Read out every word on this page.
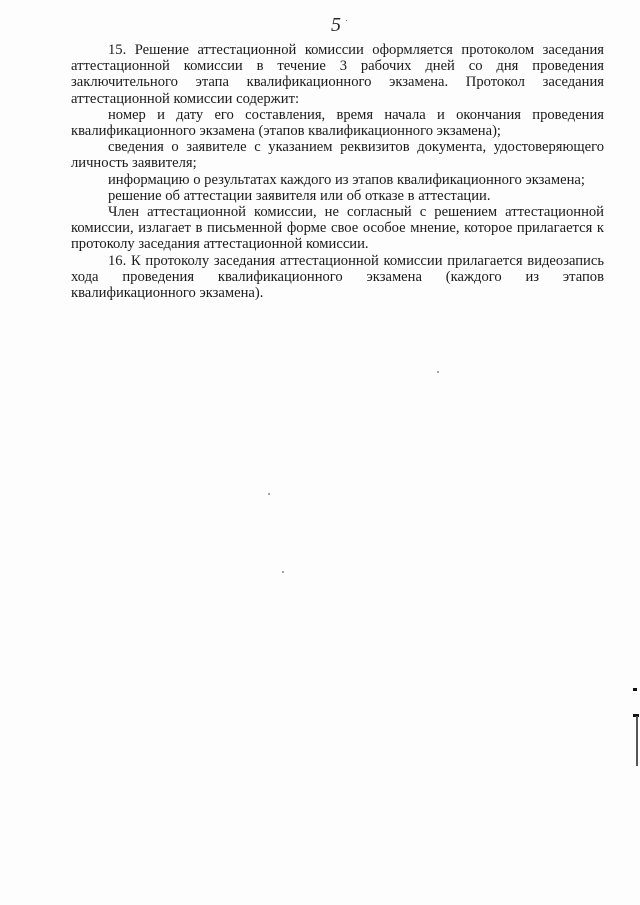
5

15. Решение аттестационной комиссии оформляется протоколом заседания аттестационной комиссии в течение 3 рабочих дней со дня проведения заключительного этапа квалификационного экзамена. Протокол заседания аттестационной комиссии содержит:

номер и дату его составления, время начала и окончания проведения квалификационного экзамена (этапов квалификационного экзамена);

сведения о заявителе с указанием реквизитов документа, удостоверяющего личность заявителя;

информацию о результатах каждого из этапов квалификационного экзамена;

решение об аттестации заявителя или об отказе в аттестации.

Член аттестационной комиссии, не согласный с решением аттестационной комиссии, излагает в письменной форме свое особое мнение, которое прилагается к протоколу заседания аттестационной комиссии.

16. К протоколу заседания аттестационной комиссии прилагается видеозапись хода проведения квалификационного экзамена (каждого из этапов квалификационного экзамена).
